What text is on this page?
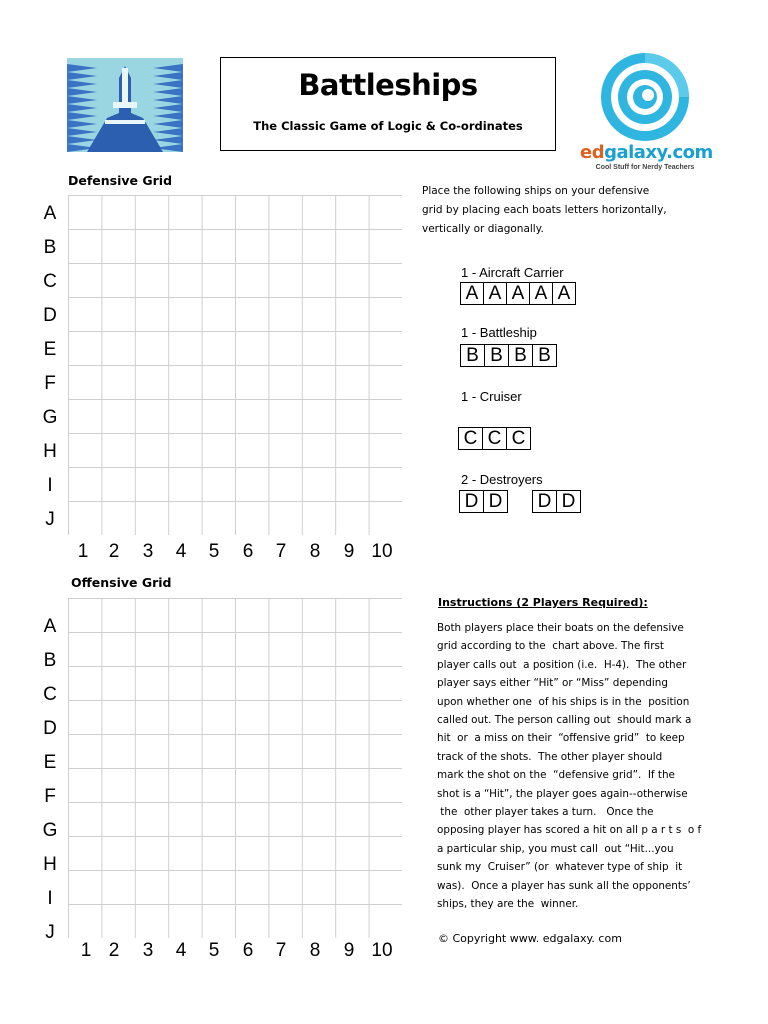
Battleships
The Classic Game of Logic & Co-ordinates
edgalaxy.com
Cool Stuff for Nerdy Teachers
Defensive Grid
A
B
C
D
E
F
G
H
I
J
1	2	3	4	5	6	7	8	9 10
Offensive Grid
A
B
C
D
E
F
G
H
I
J
1 2	3	4	5	6	7	8	9 10
Place the following ships on your defensive
grid by placing each boats letters horizontally,
vertically or diagonally.
1 - Aircraft Carrier
A A A A A
1 - Battleship
B B B B
1 - Cruiser
C C C
2 - Destroyers
D D D D
Instructions (2 Players Required):
Both players place their boats on the defensive
grid according to the  chart above. The first
player calls out  a position (i.e.  H-4).  The other
player says either “Hit” or “Miss” depending
upon whether one  of his ships is in the  position
called out. The person calling out  should mark a
hit  or  a miss on their  “offensive grid”  to keep
track of the shots.  The other player should
mark the shot on the  “defensive grid”.  If the
shot is a “Hit”, the player goes again--otherwise
the  other player takes a turn.   Once the
opposing player has scored a hit on all p a r t s  o f
a particular ship, you must call  out “Hit...you
sunk my  Cruiser” (or  whatever type of ship  it
was).  Once a player has sunk all the opponents’
ships, they are the  winner.
© Copyright www. edgalaxy. com
